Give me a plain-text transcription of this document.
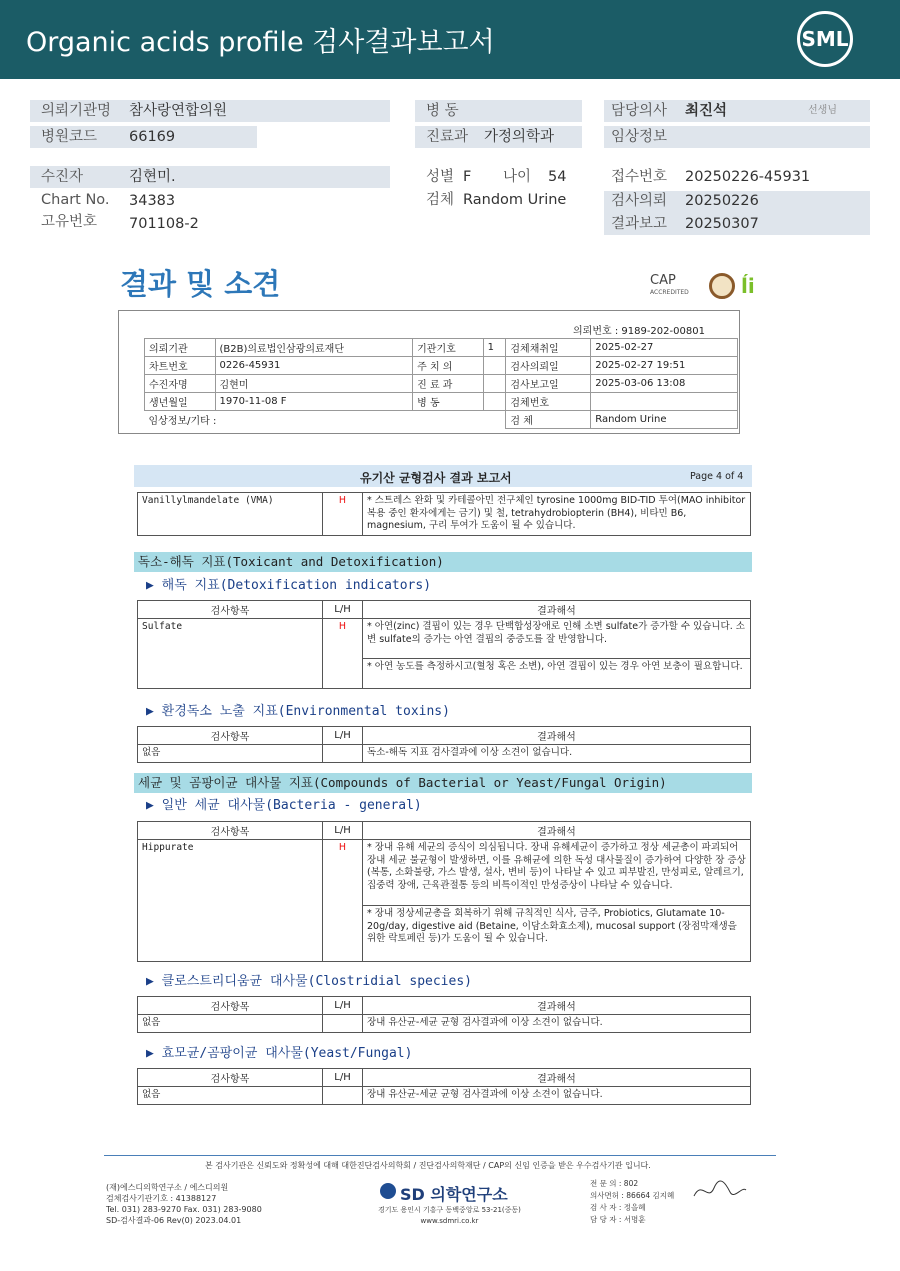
Organic acids profile 검사결과보고서	SML
의뢰기관명 참사랑연합의원
병원코드 66169
병 동
진료과 가정의학과
담당의사 최진석	선생님
임상정보
수진자	김현미.
Chart No. 34383
고유번호 701108-2
성별 F 나이 54
검체 Random Urine
접수번호 20250226-45931
검사의뢰 20250226
결과보고 20250307
결과 및 소견	CAP
ACCREDITED	ĺi
의뢰번호 : 9189-202-00801
의뢰기관	(B2B)의료법인삼광의료재단	기관기호	1	검체채취일	2025-02-27
차트번호	0226-45931	주 치 의		검사의뢰일	2025-02-27 19:51
수진자명	김현미	진 료 과		검사보고일	2025-03-06 13:08
생년월일	1970-11-08 F	병 동		검체번호	
임상정보/기타 :				검 체	Random Urine
유기산 균형검사 결과 보고서	Page 4 of 4
Vanillylmandelate (VMA)	H	* 스트레스 완화 및 카테콜아민 전구체인 tyrosine 1000mg BID-TID 투여(MAO inhibitor 복용 중인 환자에게는 금기) 및 철, tetrahydrobiopterin (BH4), 비타민 B6, magnesium, 구리 투여가 도움이 될 수 있습니다.
독소-해독 지표(Toxicant and Detoxification)
▶ 해독 지표(Detoxification indicators)
검사항목	L/H	결과해석
Sulfate	H	* 아연(zinc) 결핍이 있는 경우 단백합성장애로 인해 소변 sulfate가 증가할 수 있습니다. 소변 sulfate의 증가는 아연 결핍의 중증도를 잘 반영합니다.
		* 아연 농도를 측정하시고(혈청 혹은 소변), 아연 결핍이 있는 경우 아연 보충이 필요합니다.
▶ 환경독소 노출 지표(Environmental toxins)
검사항목	L/H	결과해석
없음		독소-해독 지표 검사결과에 이상 소견이 없습니다.
세균 및 곰팡이균 대사물 지표(Compounds of Bacterial or Yeast/Fungal Origin)
▶ 일반 세균 대사물(Bacteria - general)
검사항목	L/H	결과해석
Hippurate	H	* 장내 유해 세균의 증식이 의심됩니다. 장내 유해세균이 증가하고 정상 세균총이 파괴되어 장내 세균 불균형이 발생하면, 이를 유해균에 의한 독성 대사물질이 증가하여 다양한 장 증상(복통, 소화불량, 가스 발생, 설사, 변비 등)이 나타날 수 있고 피부발진, 만성피로, 알레르기, 집중력 장애, 근육관절통 등의 비특이적인 만성증상이 나타날 수 있습니다.
		* 장내 정상세균총을 회복하기 위해 규칙적인 식사, 금주, Probiotics, Glutamate 10-20g/day, digestive aid (Betaine, 이담소화효소제), mucosal support (장점막재생을 위한 락토페린 등)가 도움이 될 수 있습니다.
▶ 클로스트리디움균 대사물(Clostridial species)
검사항목	L/H	결과해석
없음		장내 유산균-세균 균형 검사결과에 이상 소견이 없습니다.
▶ 효모균/곰팡이균 대사물(Yeast/Fungal)
검사항목	L/H	결과해석
없음		장내 유산균-세균 균형 검사결과에 이상 소견이 없습니다.
본 검사기관은 신뢰도와 정확성에 대해 대한진단검사의학회 / 진단검사의학재단 / CAP의 신임 인증을 받은 우수검사기관 입니다.
(재)에스디의학연구소 / 에스디의원
검체검사기관기호 : 41388127
Tel. 031) 283-9270 Fax. 031) 283-9080
SD-검사결과-06 Rev(0) 2023.04.01
SD 의학연구소
경기도 용인시 기흥구 동백중앙로 53-21(중동)
www.sdmri.co.kr
전 문 의 : 802
의사면허 : 86664 김지혜
검 사 자 : 정을혜
담 당 자 : 서명훈
